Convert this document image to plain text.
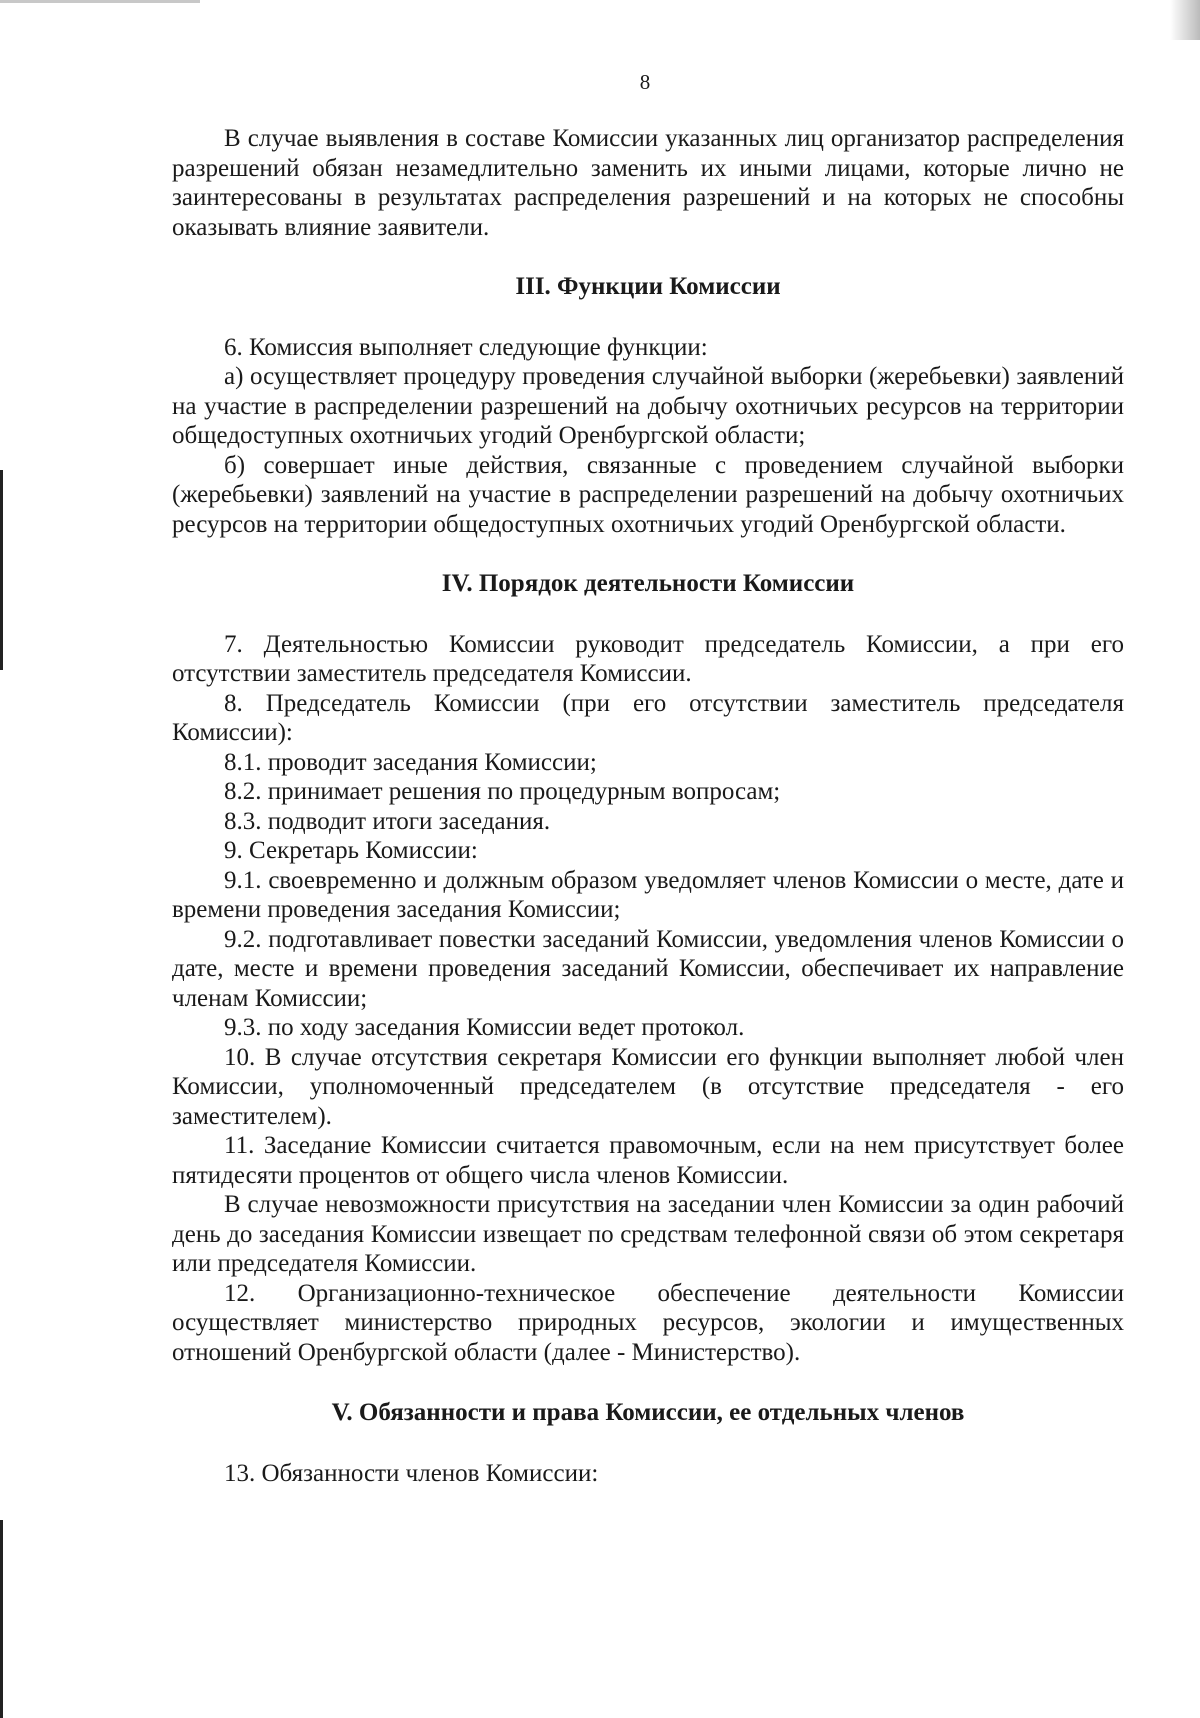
8

В случае выявления в составе Комиссии указанных лиц организатор распределения разрешений обязан незамедлительно заменить их иными лицами, которые лично не заинтересованы в результатах распределения разрешений и на которых не способны оказывать влияние заявители.

III. Функции Комиссии

6. Комиссия выполняет следующие функции:

а) осуществляет процедуру проведения случайной выборки (жеребьевки) заявлений на участие в распределении разрешений на добычу охотничьих ресурсов на территории общедоступных охотничьих угодий Оренбургской области;

б) совершает иные действия, связанные с проведением случайной выборки (жеребьевки) заявлений на участие в распределении разрешений на добычу охотничьих ресурсов на территории общедоступных охотничьих угодий Оренбургской области.

IV. Порядок деятельности Комиссии

7. Деятельностью Комиссии руководит председатель Комиссии, а при его отсутствии заместитель председателя Комиссии.

8. Председатель Комиссии (при его отсутствии заместитель председателя Комиссии):

8.1. проводит заседания Комиссии;

8.2. принимает решения по процедурным вопросам;

8.3. подводит итоги заседания.

9. Секретарь Комиссии:

9.1. своевременно и должным образом уведомляет членов Комиссии о месте, дате и времени проведения заседания Комиссии;

9.2. подготавливает повестки заседаний Комиссии, уведомления членов Комиссии о дате, месте и времени проведения заседаний Комиссии, обеспечивает их направление членам Комиссии;

9.3. по ходу заседания Комиссии ведет протокол.

10. В случае отсутствия секретаря Комиссии его функции выполняет любой член Комиссии, уполномоченный председателем (в отсутствие председателя - его заместителем).

11. Заседание Комиссии считается правомочным, если на нем присутствует более пятидесяти процентов от общего числа членов Комиссии.

В случае невозможности присутствия на заседании член Комиссии за один рабочий день до заседания Комиссии извещает по средствам телефонной связи об этом секретаря или председателя Комиссии.

12. Организационно-техническое обеспечение деятельности Комиссии осуществляет министерство природных ресурсов, экологии и имущественных отношений Оренбургской области (далее - Министерство).

V. Обязанности и права Комиссии, ее отдельных членов

13. Обязанности членов Комиссии:
